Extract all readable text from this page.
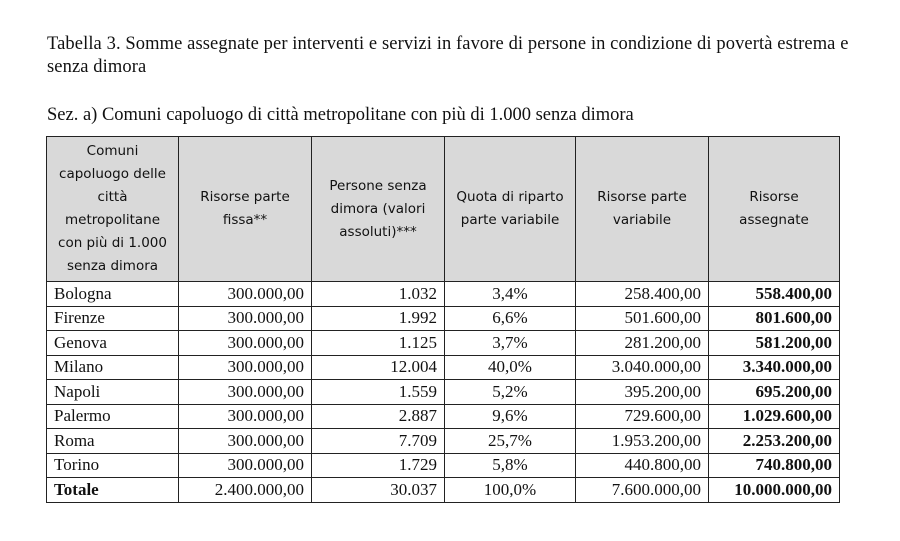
Tabella 3. Somme assegnate per interventi e servizi in favore di persone in condizione di povertà estrema e senza dimora
Sez. a) Comuni capoluogo di città metropolitane con più di 1.000 senza dimora
Comuni capoluogo delle città metropolitane con più di 1.000 senza dimora	Risorse parte fissa**	Persone senza dimora (valori assoluti)***	Quota di riparto parte variabile	Risorse parte variabile	Risorse assegnate
Bologna	300.000,00	1.032	3,4%	258.400,00	558.400,00
Firenze	300.000,00	1.992	6,6%	501.600,00	801.600,00
Genova	300.000,00	1.125	3,7%	281.200,00	581.200,00
Milano	300.000,00	12.004	40,0%	3.040.000,00	3.340.000,00
Napoli	300.000,00	1.559	5,2%	395.200,00	695.200,00
Palermo	300.000,00	2.887	9,6%	729.600,00	1.029.600,00
Roma	300.000,00	7.709	25,7%	1.953.200,00	2.253.200,00
Torino	300.000,00	1.729	5,8%	440.800,00	740.800,00
Totale	2.400.000,00	30.037	100,0%	7.600.000,00	10.000.000,00
